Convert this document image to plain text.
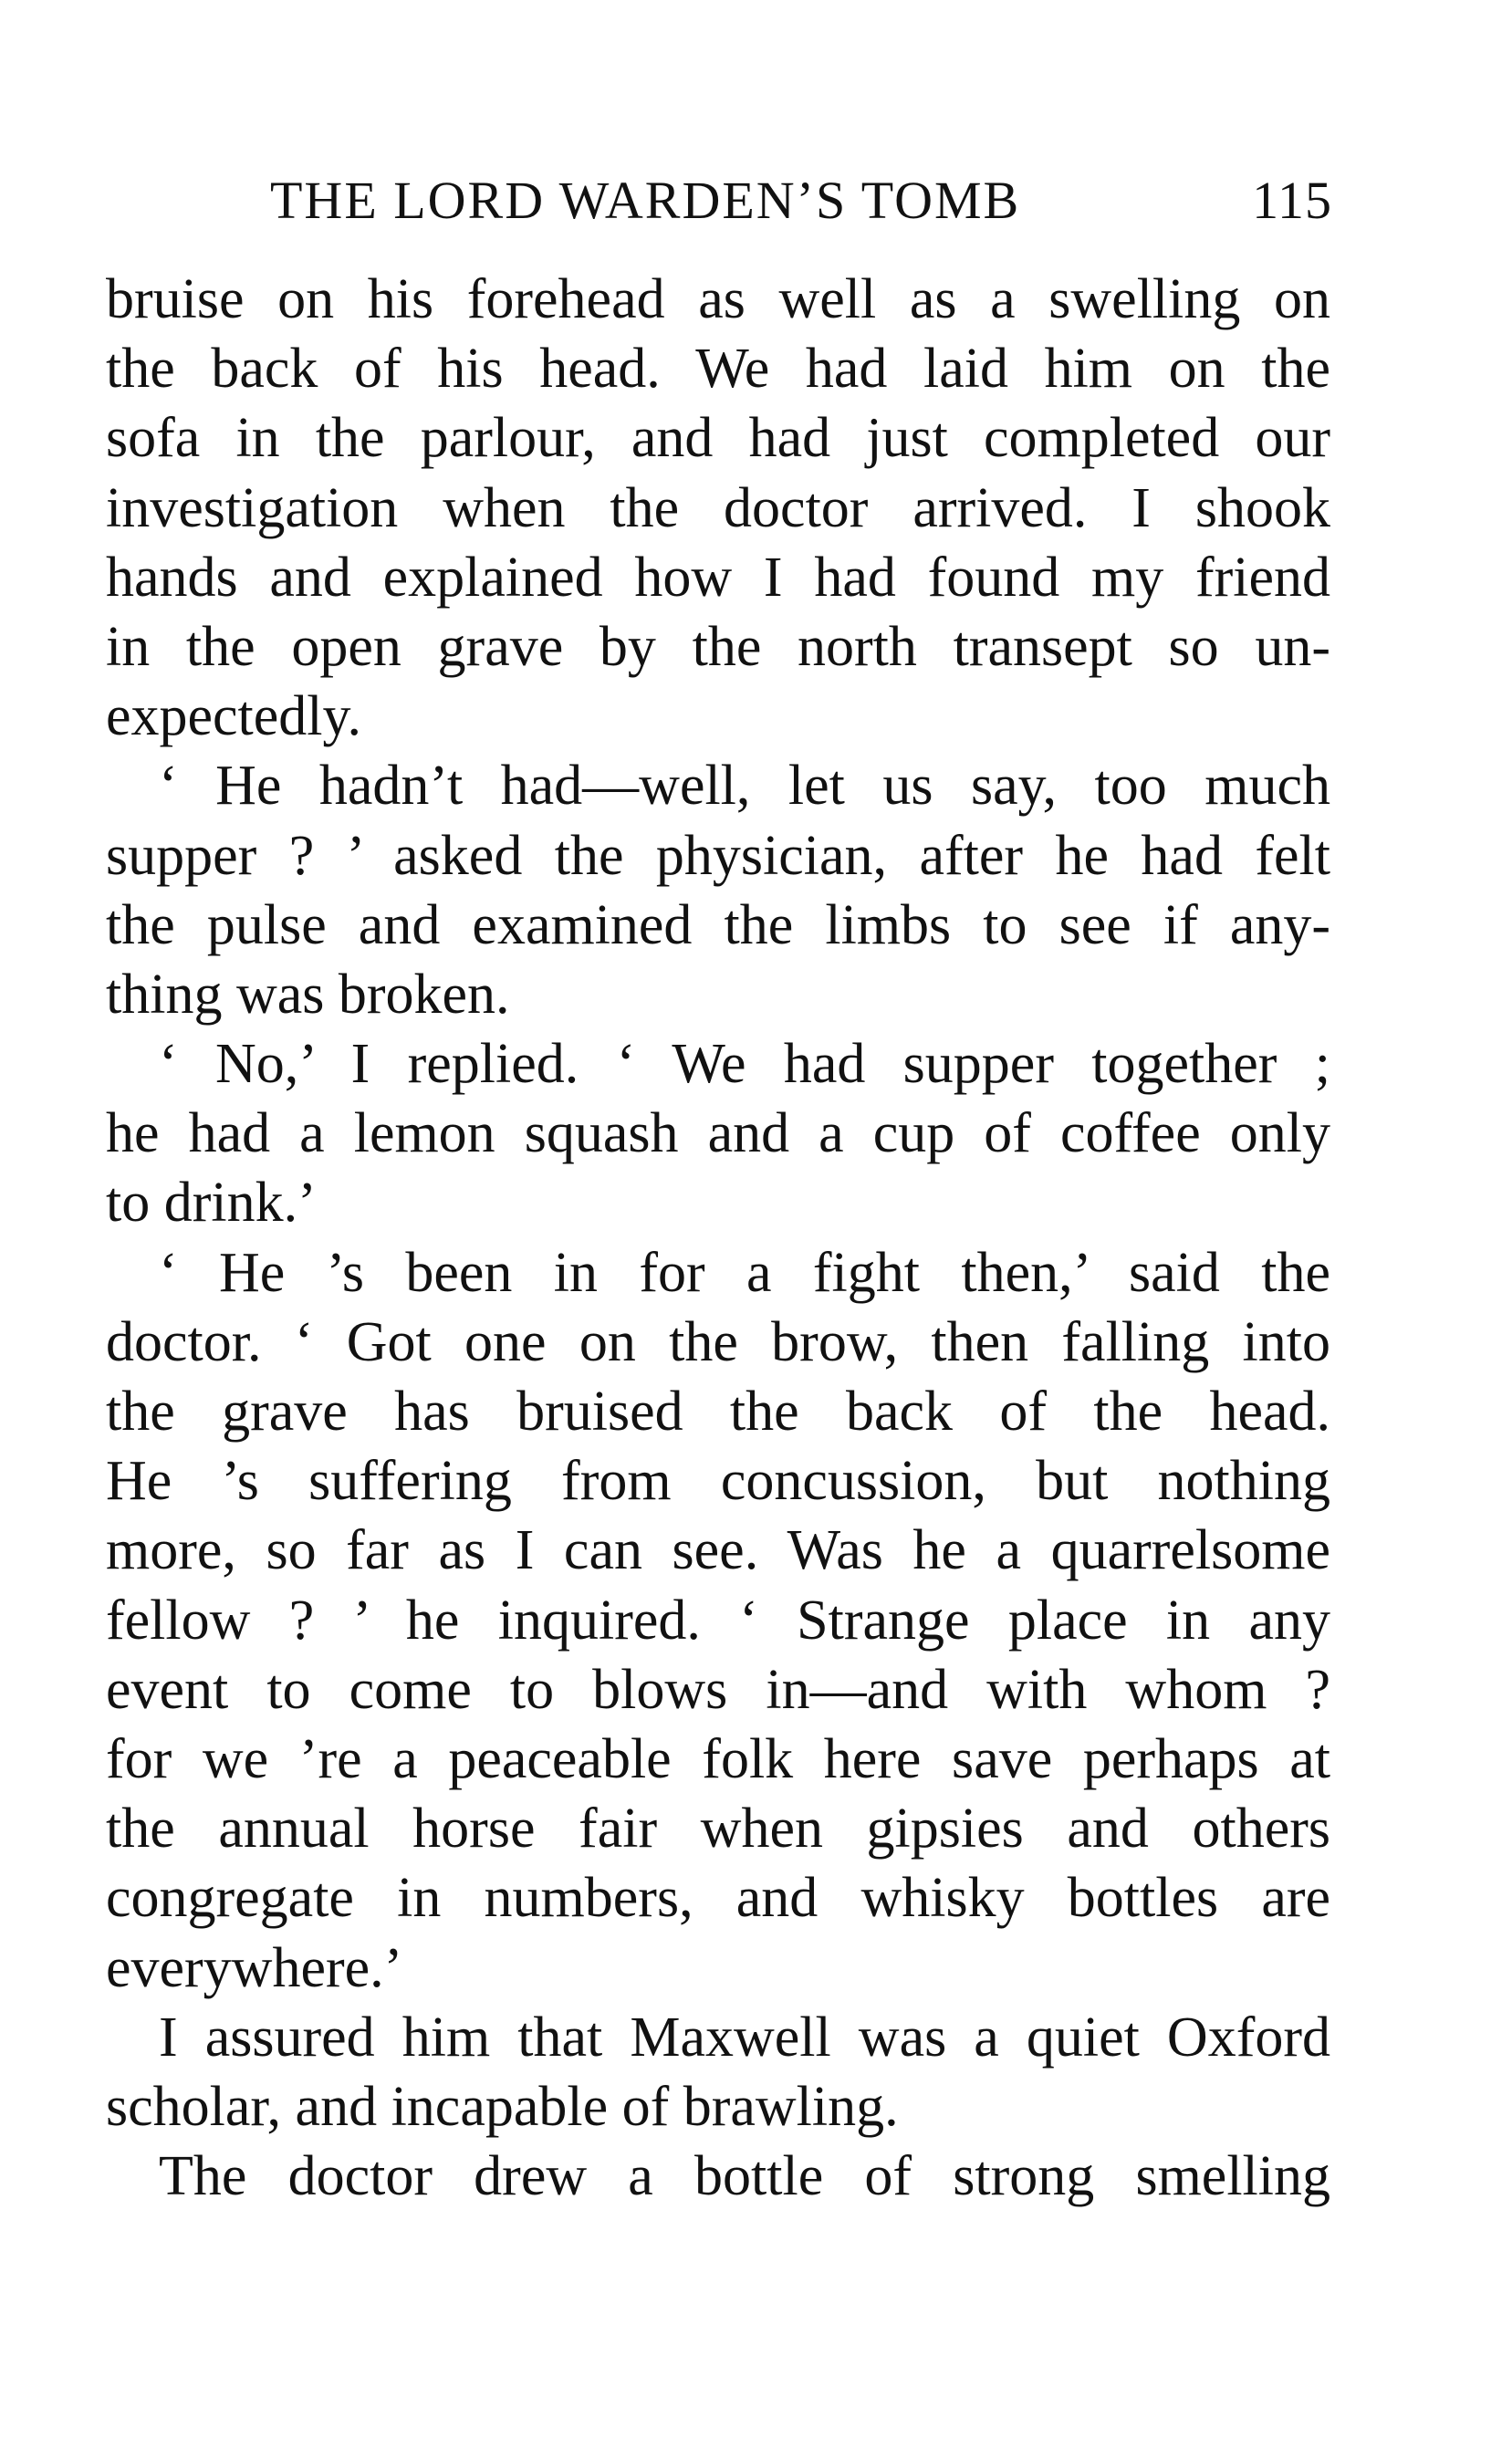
THE LORD WARDEN’S TOMB	115
bruise on his forehead as well as a swelling on
the back of his head. We had laid him on the
sofa in the parlour, and had just completed our
investigation when the doctor arrived. I shook
hands and explained how I had found my friend
in the open grave by the north transept so un-
expectedly.
‘ He hadn’t had—well, let us say, too much
supper ? ’ asked the physician, after he had felt
the pulse and examined the limbs to see if any-
thing was broken.
‘ No,’ I replied. ‘ We had supper together ;
he had a lemon squash and a cup of coffee only
to drink.’
‘ He ’s been in for a fight then,’ said the
doctor. ‘ Got one on the brow, then falling into
the grave has bruised the back of the head.
He ’s suffering from concussion, but nothing
more, so far as I can see. Was he a quarrelsome
fellow ? ’ he inquired. ‘ Strange place in any
event to come to blows in—and with whom ?
for we ’re a peaceable folk here save perhaps at
the annual horse fair when gipsies and others
congregate in numbers, and whisky bottles are
everywhere.’
I assured him that Maxwell was a quiet Oxford
scholar, and incapable of brawling.
The doctor drew a bottle of strong smelling
